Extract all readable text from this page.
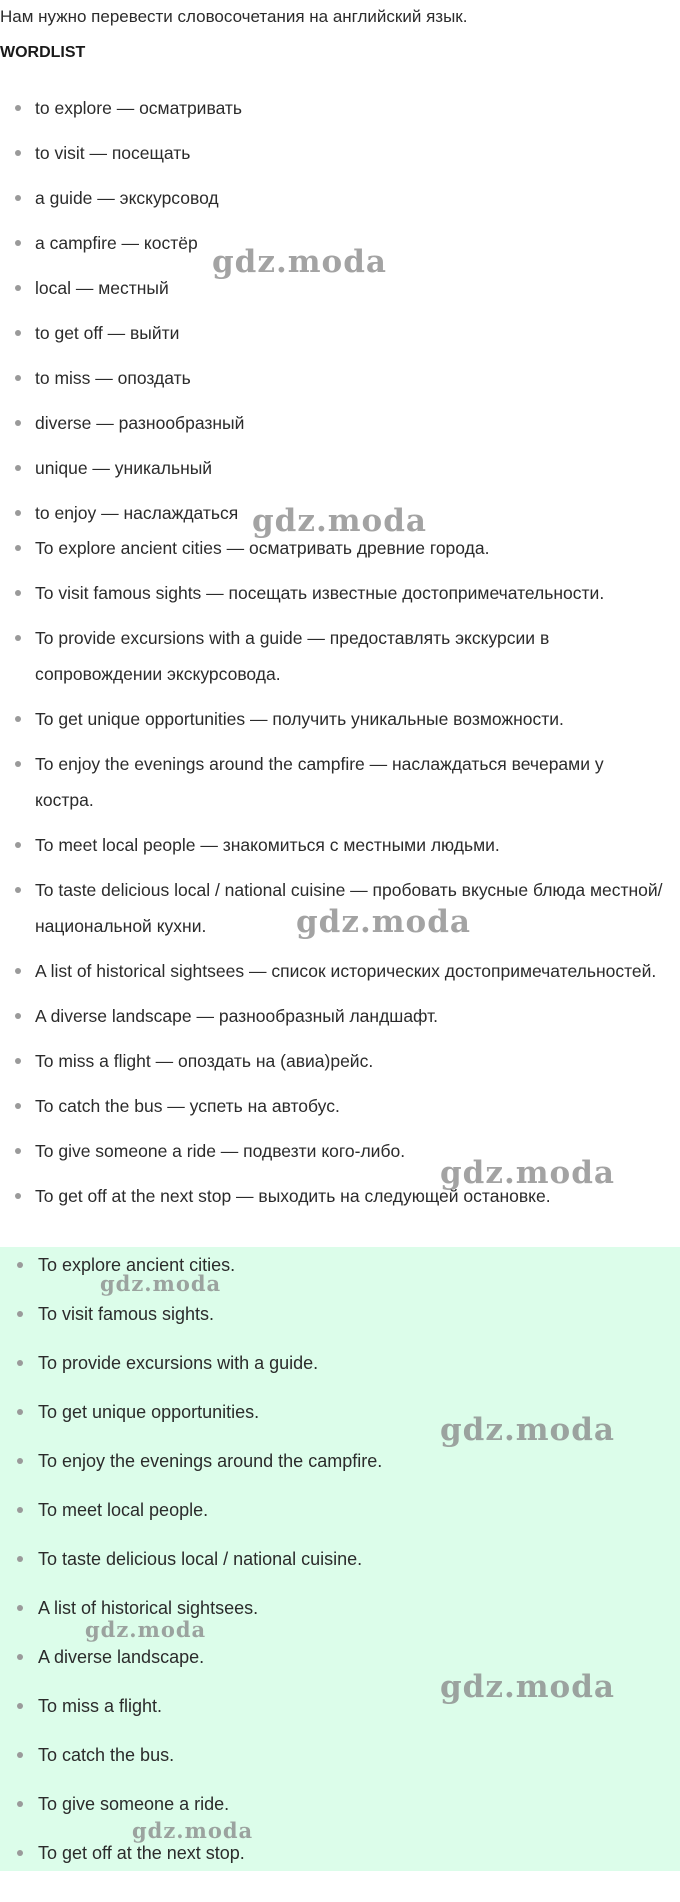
Нам нужно перевести словосочетания на английский язык.
WORDLIST
to explore — осматривать
to visit — посещать
a guide — экскурсовод
a campfire — костёр
local — местный
to get off — выйти
to miss — опоздать
diverse — разнообразный
unique — уникальный
to enjoy — наслаждаться
To explore ancient cities — осматривать древние города.
To visit famous sights — посещать известные достопримечательности.
To provide excursions with a guide — предоставлять экскурсии в сопровождении экскурсовода.
To get unique opportunities — получить уникальные возможности.
To enjoy the evenings around the campfire — наслаждаться вечерами у костра.
To meet local people — знакомиться с местными людьми.
To taste delicious local / national cuisine — пробовать вкусные блюда местной/национальной кухни.
A list of historical sightsees — список исторических достопримечательностей.
A diverse landscape — разнообразный ландшафт.
To miss a flight — опоздать на (авиа)рейс.
To catch the bus — успеть на автобус.
To give someone a ride — подвезти кого-либо.
To get off at the next stop — выходить на следующей остановке.
To explore ancient cities.
To visit famous sights.
To provide excursions with a guide.
To get unique opportunities.
To enjoy the evenings around the campfire.
To meet local people.
To taste delicious local / national cuisine.
A list of historical sightsees.
A diverse landscape.
To miss a flight.
To catch the bus.
To give someone a ride.
To get off at the next stop.
gdz.moda
gdz.moda
gdz.moda
gdz.moda
gdz.moda
gdz.moda
gdz.moda
gdz.moda
gdz.moda
